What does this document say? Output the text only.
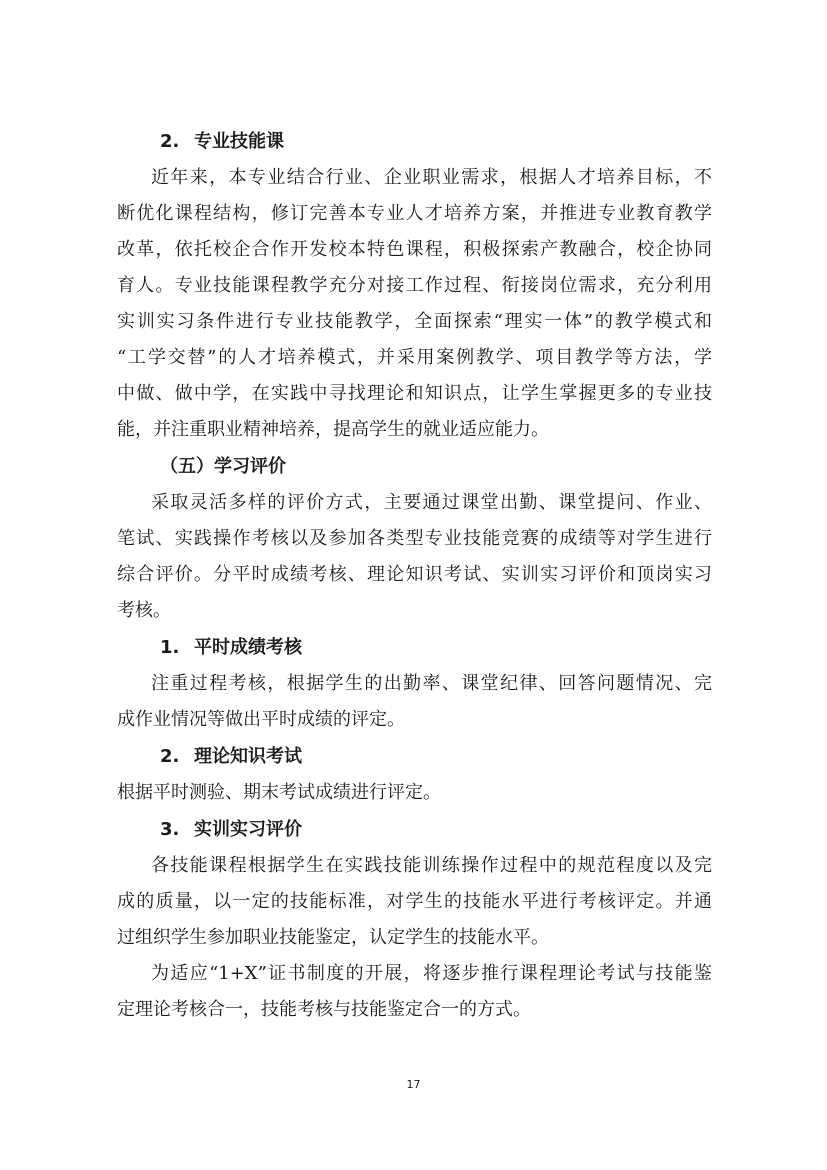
2. 专业技能课
近年来，本专业结合行业、企业职业需求，根据人才培养目标，不
断优化课程结构，修订完善本专业人才培养方案，并推进专业教育教学
改革，依托校企合作开发校本特色课程，积极探索产教融合，校企协同
育人。专业技能课程教学充分对接工作过程、衔接岗位需求，充分利用
实训实习条件进行专业技能教学，全面探索“理实一体”的教学模式和
“工学交替”的人才培养模式，并采用案例教学、项目教学等方法，学
中做、做中学，在实践中寻找理论和知识点，让学生掌握更多的专业技
能，并注重职业精神培养，提高学生的就业适应能力。
（五）学习评价
采取灵活多样的评价方式，主要通过课堂出勤、课堂提问、作业、
笔试、实践操作考核以及参加各类型专业技能竞赛的成绩等对学生进行
综合评价。分平时成绩考核、理论知识考试、实训实习评价和顶岗实习
考核。
1. 平时成绩考核
注重过程考核，根据学生的出勤率、课堂纪律、回答问题情况、完
成作业情况等做出平时成绩的评定。
2. 理论知识考试
根据平时测验、期末考试成绩进行评定。
3. 实训实习评价
各技能课程根据学生在实践技能训练操作过程中的规范程度以及完
成的质量，以一定的技能标准，对学生的技能水平进行考核评定。并通
过组织学生参加职业技能鉴定，认定学生的技能水平。
为适应“1+X”证书制度的开展，将逐步推行课程理论考试与技能鉴
定理论考核合一，技能考核与技能鉴定合一的方式。
17
